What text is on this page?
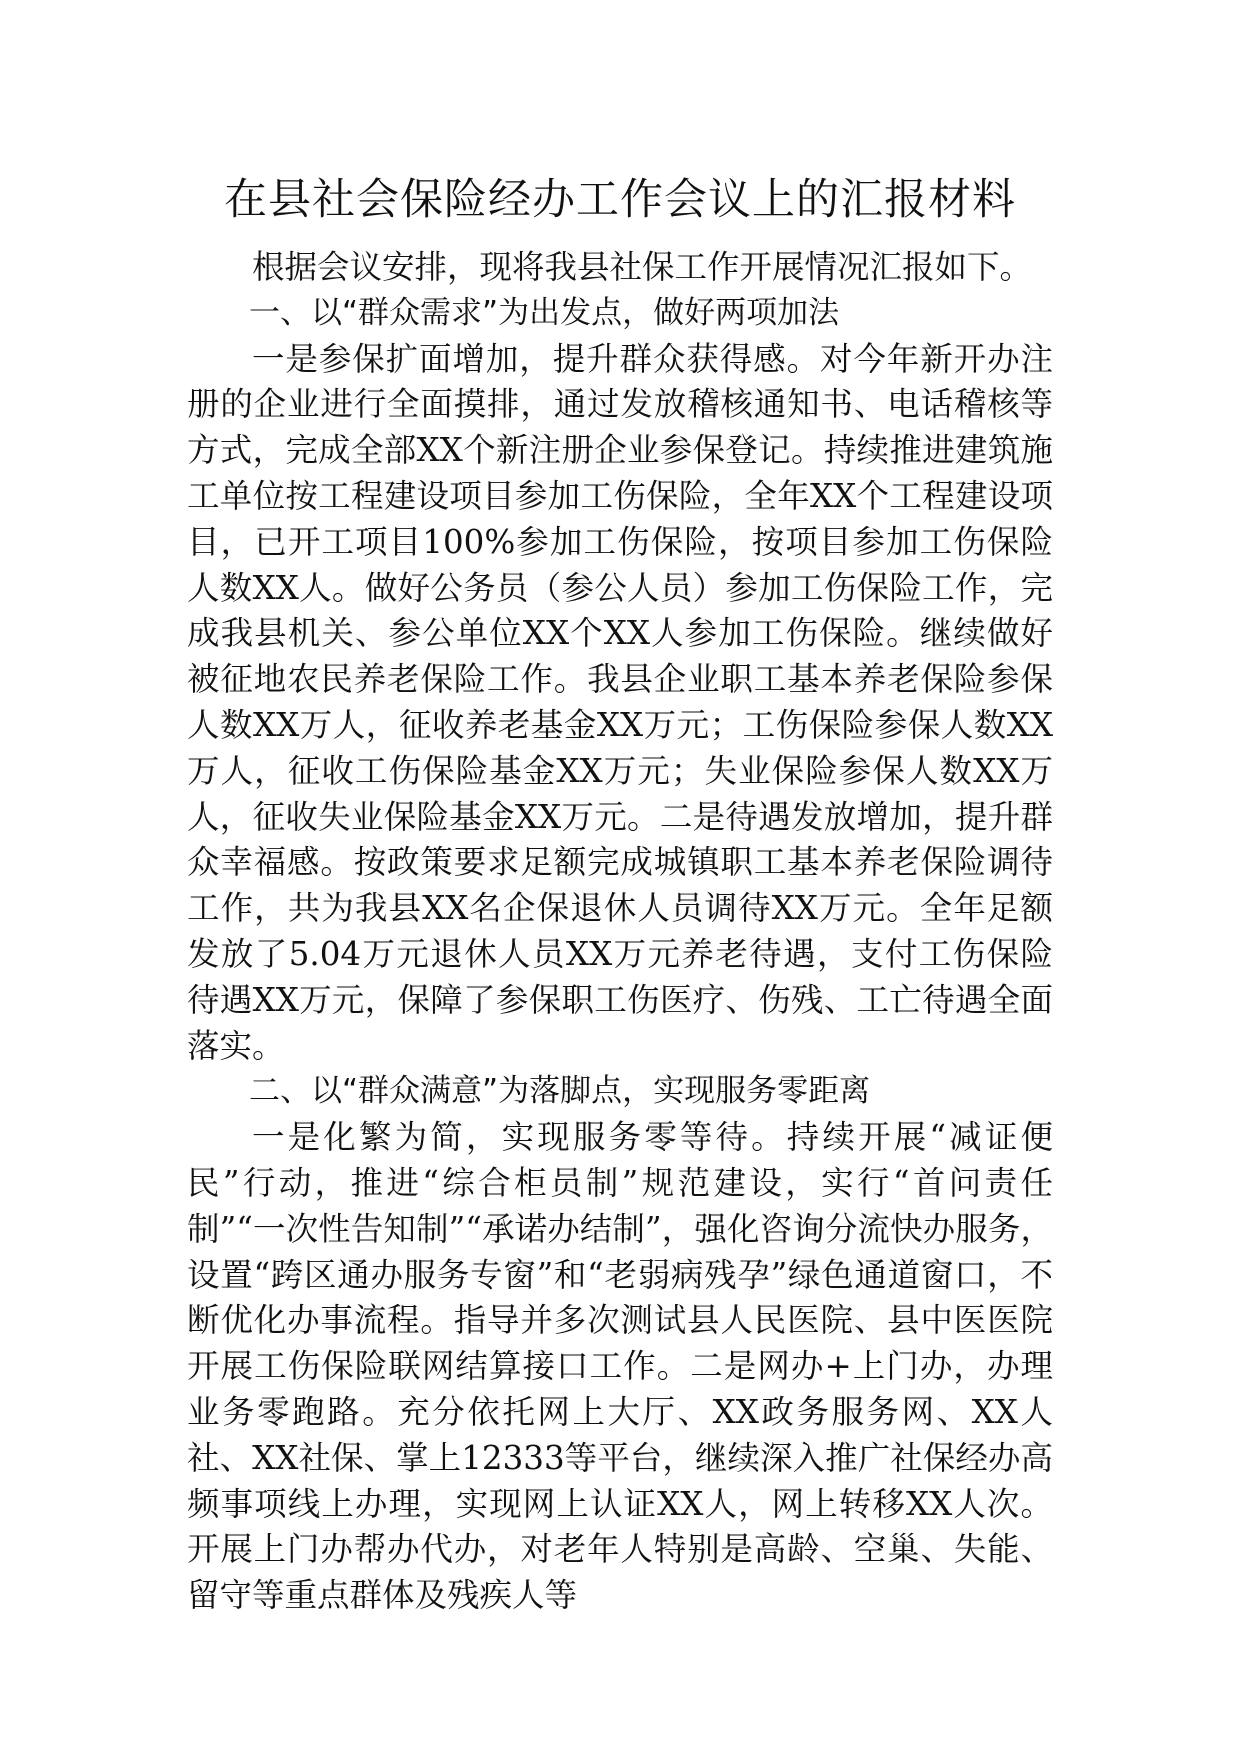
在县社会保险经办工作会议上的汇报材料

根据会议安排，现将我县社保工作开展情况汇报如下。

一、以“群众需求”为出发点，做好两项加法

一是参保扩面增加，提升群众获得感。对今年新开办注册的企业进行全面摸排，通过发放稽核通知书、电话稽核等方式，完成全部XX个新注册企业参保登记。持续推进建筑施工单位按工程建设项目参加工伤保险，全年XX个工程建设项目，已开工项目100%参加工伤保险，按项目参加工伤保险人数XX人。做好公务员（参公人员）参加工伤保险工作，完成我县机关、参公单位XX个XX人参加工伤保险。继续做好被征地农民养老保险工作。我县企业职工基本养老保险参保人数XX万人，征收养老基金XX万元；工伤保险参保人数XX万人，征收工伤保险基金XX万元；失业保险参保人数XX万人，征收失业保险基金XX万元。二是待遇发放增加，提升群众幸福感。按政策要求足额完成城镇职工基本养老保险调待工作，共为我县XX名企保退休人员调待XX万元。全年足额发放了5.04万元退休人员XX万元养老待遇，支付工伤保险待遇XX万元，保障了参保职工伤医疗、伤残、工亡待遇全面落实。

二、以“群众满意”为落脚点，实现服务零距离

一是化繁为简，实现服务零等待。持续开展“减证便民”行动，推进“综合柜员制”规范建设，实行“首问责任制”“一次性告知制”“承诺办结制”，强化咨询分流快办服务，设置“跨区通办服务专窗”和“老弱病残孕”绿色通道窗口，不断优化办事流程。指导并多次测试县人民医院、县中医医院开展工伤保险联网结算接口工作。二是网办+上门办，办理业务零跑路。充分依托网上大厅、XX政务服务网、XX人社、XX社保、掌上12333等平台，继续深入推广社保经办高频事项线上办理，实现网上认证XX人，网上转移XX人次。开展上门办帮办代办，对老年人特别是高龄、空巢、失能、留守等重点群体及残疾人等
